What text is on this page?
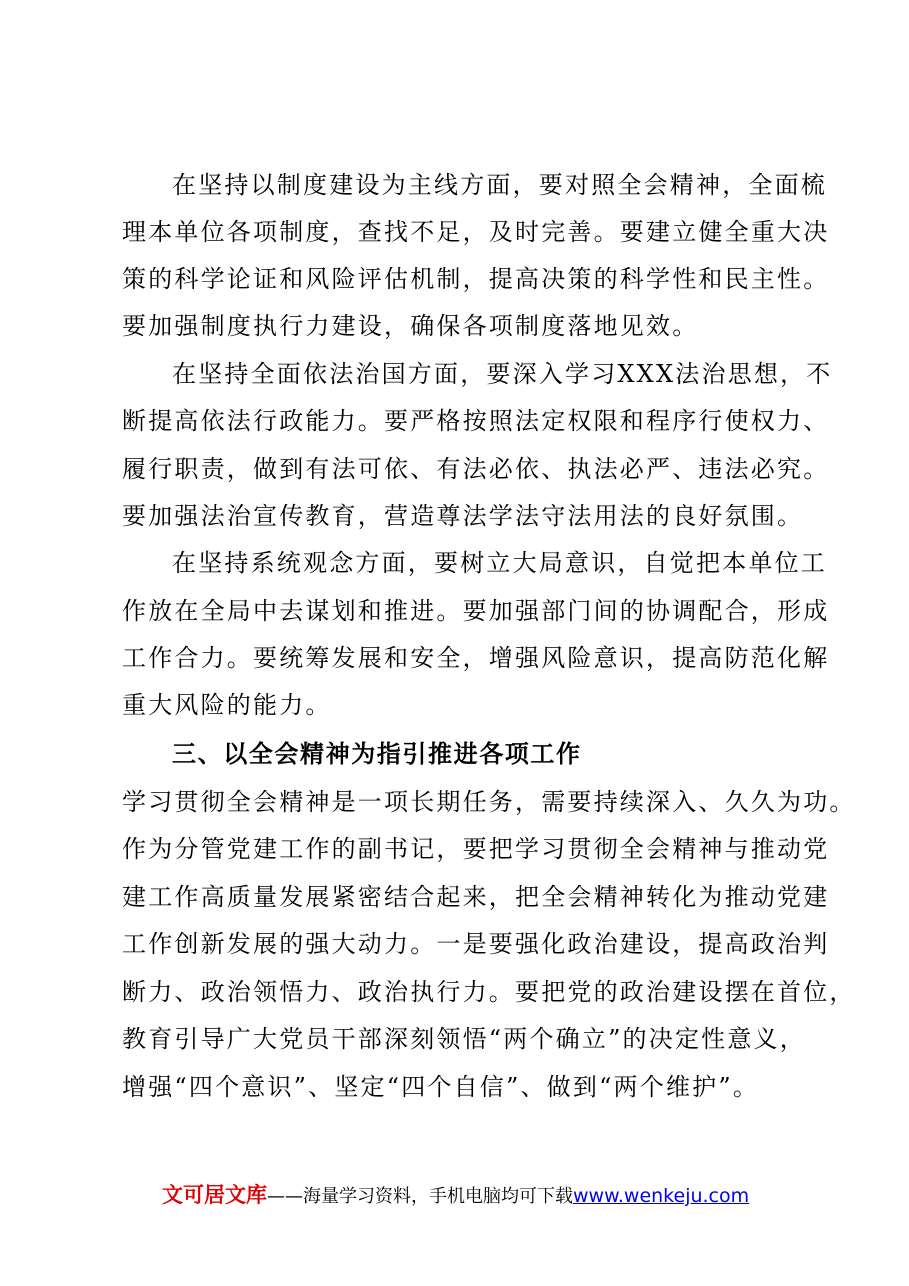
在坚持以制度建设为主线方面，要对照全会精神，全面梳
理本单位各项制度，查找不足，及时完善。要建立健全重大决
策的科学论证和风险评估机制，提高决策的科学性和民主性。
要加强制度执行力建设，确保各项制度落地见效。
在坚持全面依法治国方面，要深入学习XXX法治思想，不
断提高依法行政能力。要严格按照法定权限和程序行使权力、
履行职责，做到有法可依、有法必依、执法必严、违法必究。
要加强法治宣传教育，营造尊法学法守法用法的良好氛围。
在坚持系统观念方面，要树立大局意识，自觉把本单位工
作放在全局中去谋划和推进。要加强部门间的协调配合，形成
工作合力。要统筹发展和安全，增强风险意识，提高防范化解
重大风险的能力。
三、以全会精神为指引推进各项工作
学习贯彻全会精神是一项长期任务，需要持续深入、久久为功。
作为分管党建工作的副书记，要把学习贯彻全会精神与推动党
建工作高质量发展紧密结合起来，把全会精神转化为推动党建
工作创新发展的强大动力。一是要强化政治建设，提高政治判
断力、政治领悟力、政治执行力。要把党的政治建设摆在首位，
教育引导广大党员干部深刻领悟“两个确立”的决定性意义，
增强“四个意识”、坚定“四个自信”、做到“两个维护”。
文可居文库——海量学习资料，手机电脑均可下载www.wenkeju.com
